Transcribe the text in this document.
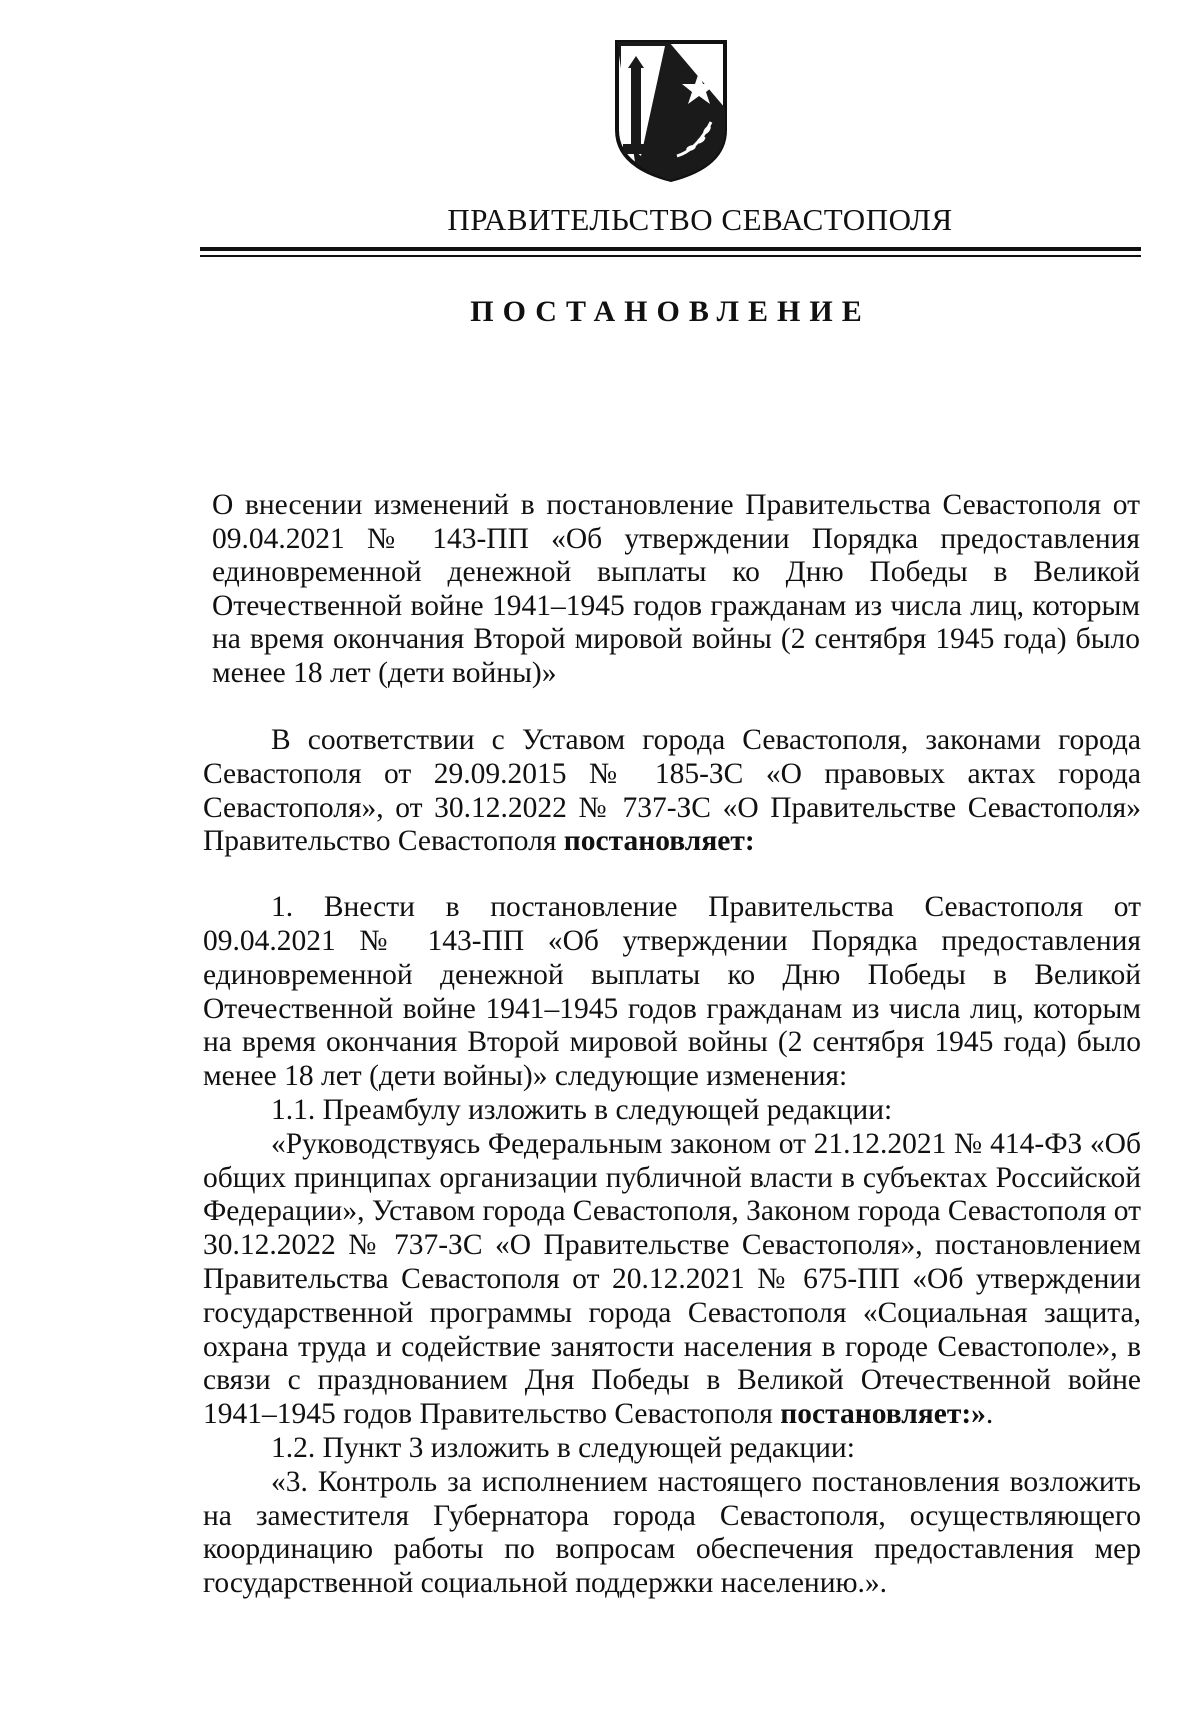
ПРАВИТЕЛЬСТВО СЕВАСТОПОЛЯ
ПОСТАНОВЛЕНИЕ

О внесении изменений в постановление Правительства Севастополя от 09.04.2021 № 143-ПП «Об утверждении Порядка предоставления единовременной денежной выплаты ко Дню Победы в Великой Отечественной войне 1941–1945 годов гражданам из числа лиц, которым на время окончания Второй мировой войны (2 сентября 1945 года) было менее 18 лет (дети войны)»

В соответствии с Уставом города Севастополя, законами города Севастополя от 29.09.2015 № 185-ЗС «О правовых актах города Севастополя», от 30.12.2022 № 737-ЗС «О Правительстве Севастополя» Правительство Севастополя постановляет:

1. Внести в постановление Правительства Севастополя от 09.04.2021 № 143-ПП «Об утверждении Порядка предоставления единовременной денежной выплаты ко Дню Победы в Великой Отечественной войне 1941–1945 годов гражданам из числа лиц, которым на время окончания Второй мировой войны (2 сентября 1945 года) было менее 18 лет (дети войны)» следующие изменения:

1.1. Преамбулу изложить в следующей редакции:

«Руководствуясь Федеральным законом от 21.12.2021 № 414-ФЗ «Об общих принципах организации публичной власти в субъектах Российской Федерации», Уставом города Севастополя, Законом города Севастополя от 30.12.2022 № 737-ЗС «О Правительстве Севастополя», постановлением Правительства Севастополя от 20.12.2021 № 675-ПП «Об утверждении государственной программы города Севастополя «Социальная защита, охрана труда и содействие занятости населения в городе Севастополе», в связи с празднованием Дня Победы в Великой Отечественной войне 1941–1945 годов Правительство Севастополя постановляет:».

1.2. Пункт 3 изложить в следующей редакции:

«3. Контроль за исполнением настоящего постановления возложить на заместителя Губернатора города Севастополя, осуществляющего координацию работы по вопросам обеспечения предоставления мер государственной социальной поддержки населению.».
